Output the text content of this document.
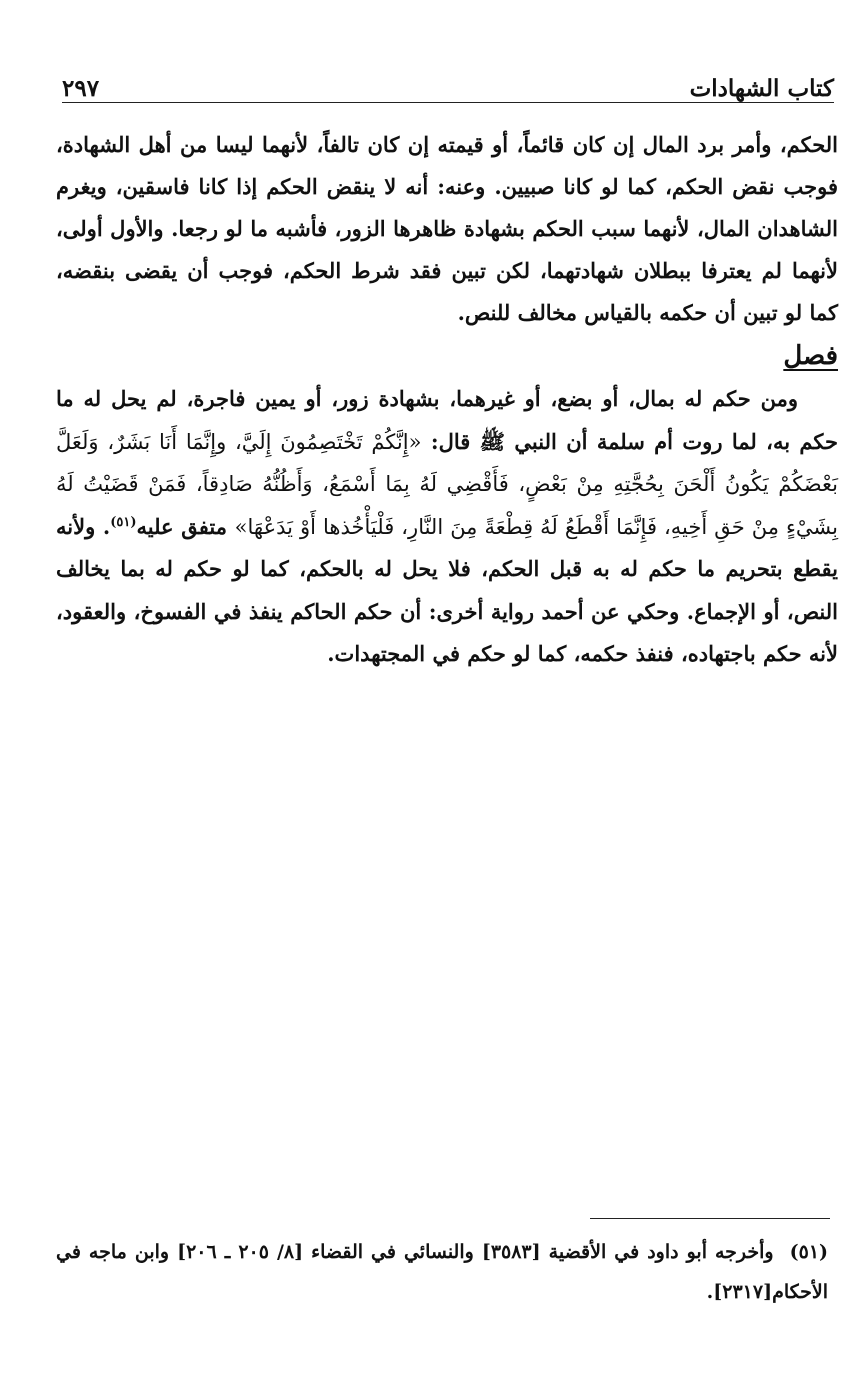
٢٩٧	كتاب الشهادات

الحكم، وأمر برد المال إن كان قائماً، أو قيمته إن كان تالفاً، لأنهما ليسا من أهل الشهادة، فوجب نقض الحكم، كما لو كانا صبيين. وعنه: أنه لا ينقض الحكم إذا كانا فاسقين، ويغرم الشاهدان المال، لأنهما سبب الحكم بشهادة ظاهرها الزور، فأشبه ما لو رجعا. والأول أولى، لأنهما لم يعترفا ببطلان شهادتهما، لكن تبين فقد شرط الحكم، فوجب أن يقضى بنقضه، كما لو تبين أن حكمه بالقياس مخالف للنص.

فصل

ومن حكم له بمال، أو بضع، أو غيرهما، بشهادة زور، أو يمين فاجرة، لم يحل له ما حكم به، لما روت أم سلمة أن النبي ﷺ قال: «إِنَّكُمْ تَخْتَصِمُونَ إِلَيَّ، وإِنَّمَا أَنَا بَشَرٌ، وَلَعَلَّ بَعْضَكُمْ يَكُونُ أَلْحَنَ بِحُجَّتِهِ مِنْ بَعْضٍ، فَأَقْضِي لَهُ بِمَا أَسْمَعُ، وَأَظُنُّهُ صَادِقاً، فَمَنْ قَضَيْتُ لَهُ بِشَيْءٍ مِنْ حَقِ أَخِيهِ، فَإِنَّمَا أَقْطَعُ لَهُ قِطْعَةً مِنَ النَّارِ، فَلْيَأْخُذها أَوْ يَدَعْهَا» متفق عليه$^{(٥١)}$. ولأنه يقطع بتحريم ما حكم له به قبل الحكم، فلا يحل له بالحكم، كما لو حكم له بما يخالف النص، أو الإجماع. وحكي عن أحمد رواية أخرى: أن حكم الحاكم ينفذ في الفسوخ، والعقود، لأنه حكم باجتهاده، فنفذ حكمه، كما لو حكم في المجتهدات.

(٥١)وأخرجه أبو داود في الأقضية [٣٥٨٣] والنسائي في القضاء [٨/ ٢٠٥ ـ ٢٠٦] وابن ماجه في الأحكام[٢٣١٧].
